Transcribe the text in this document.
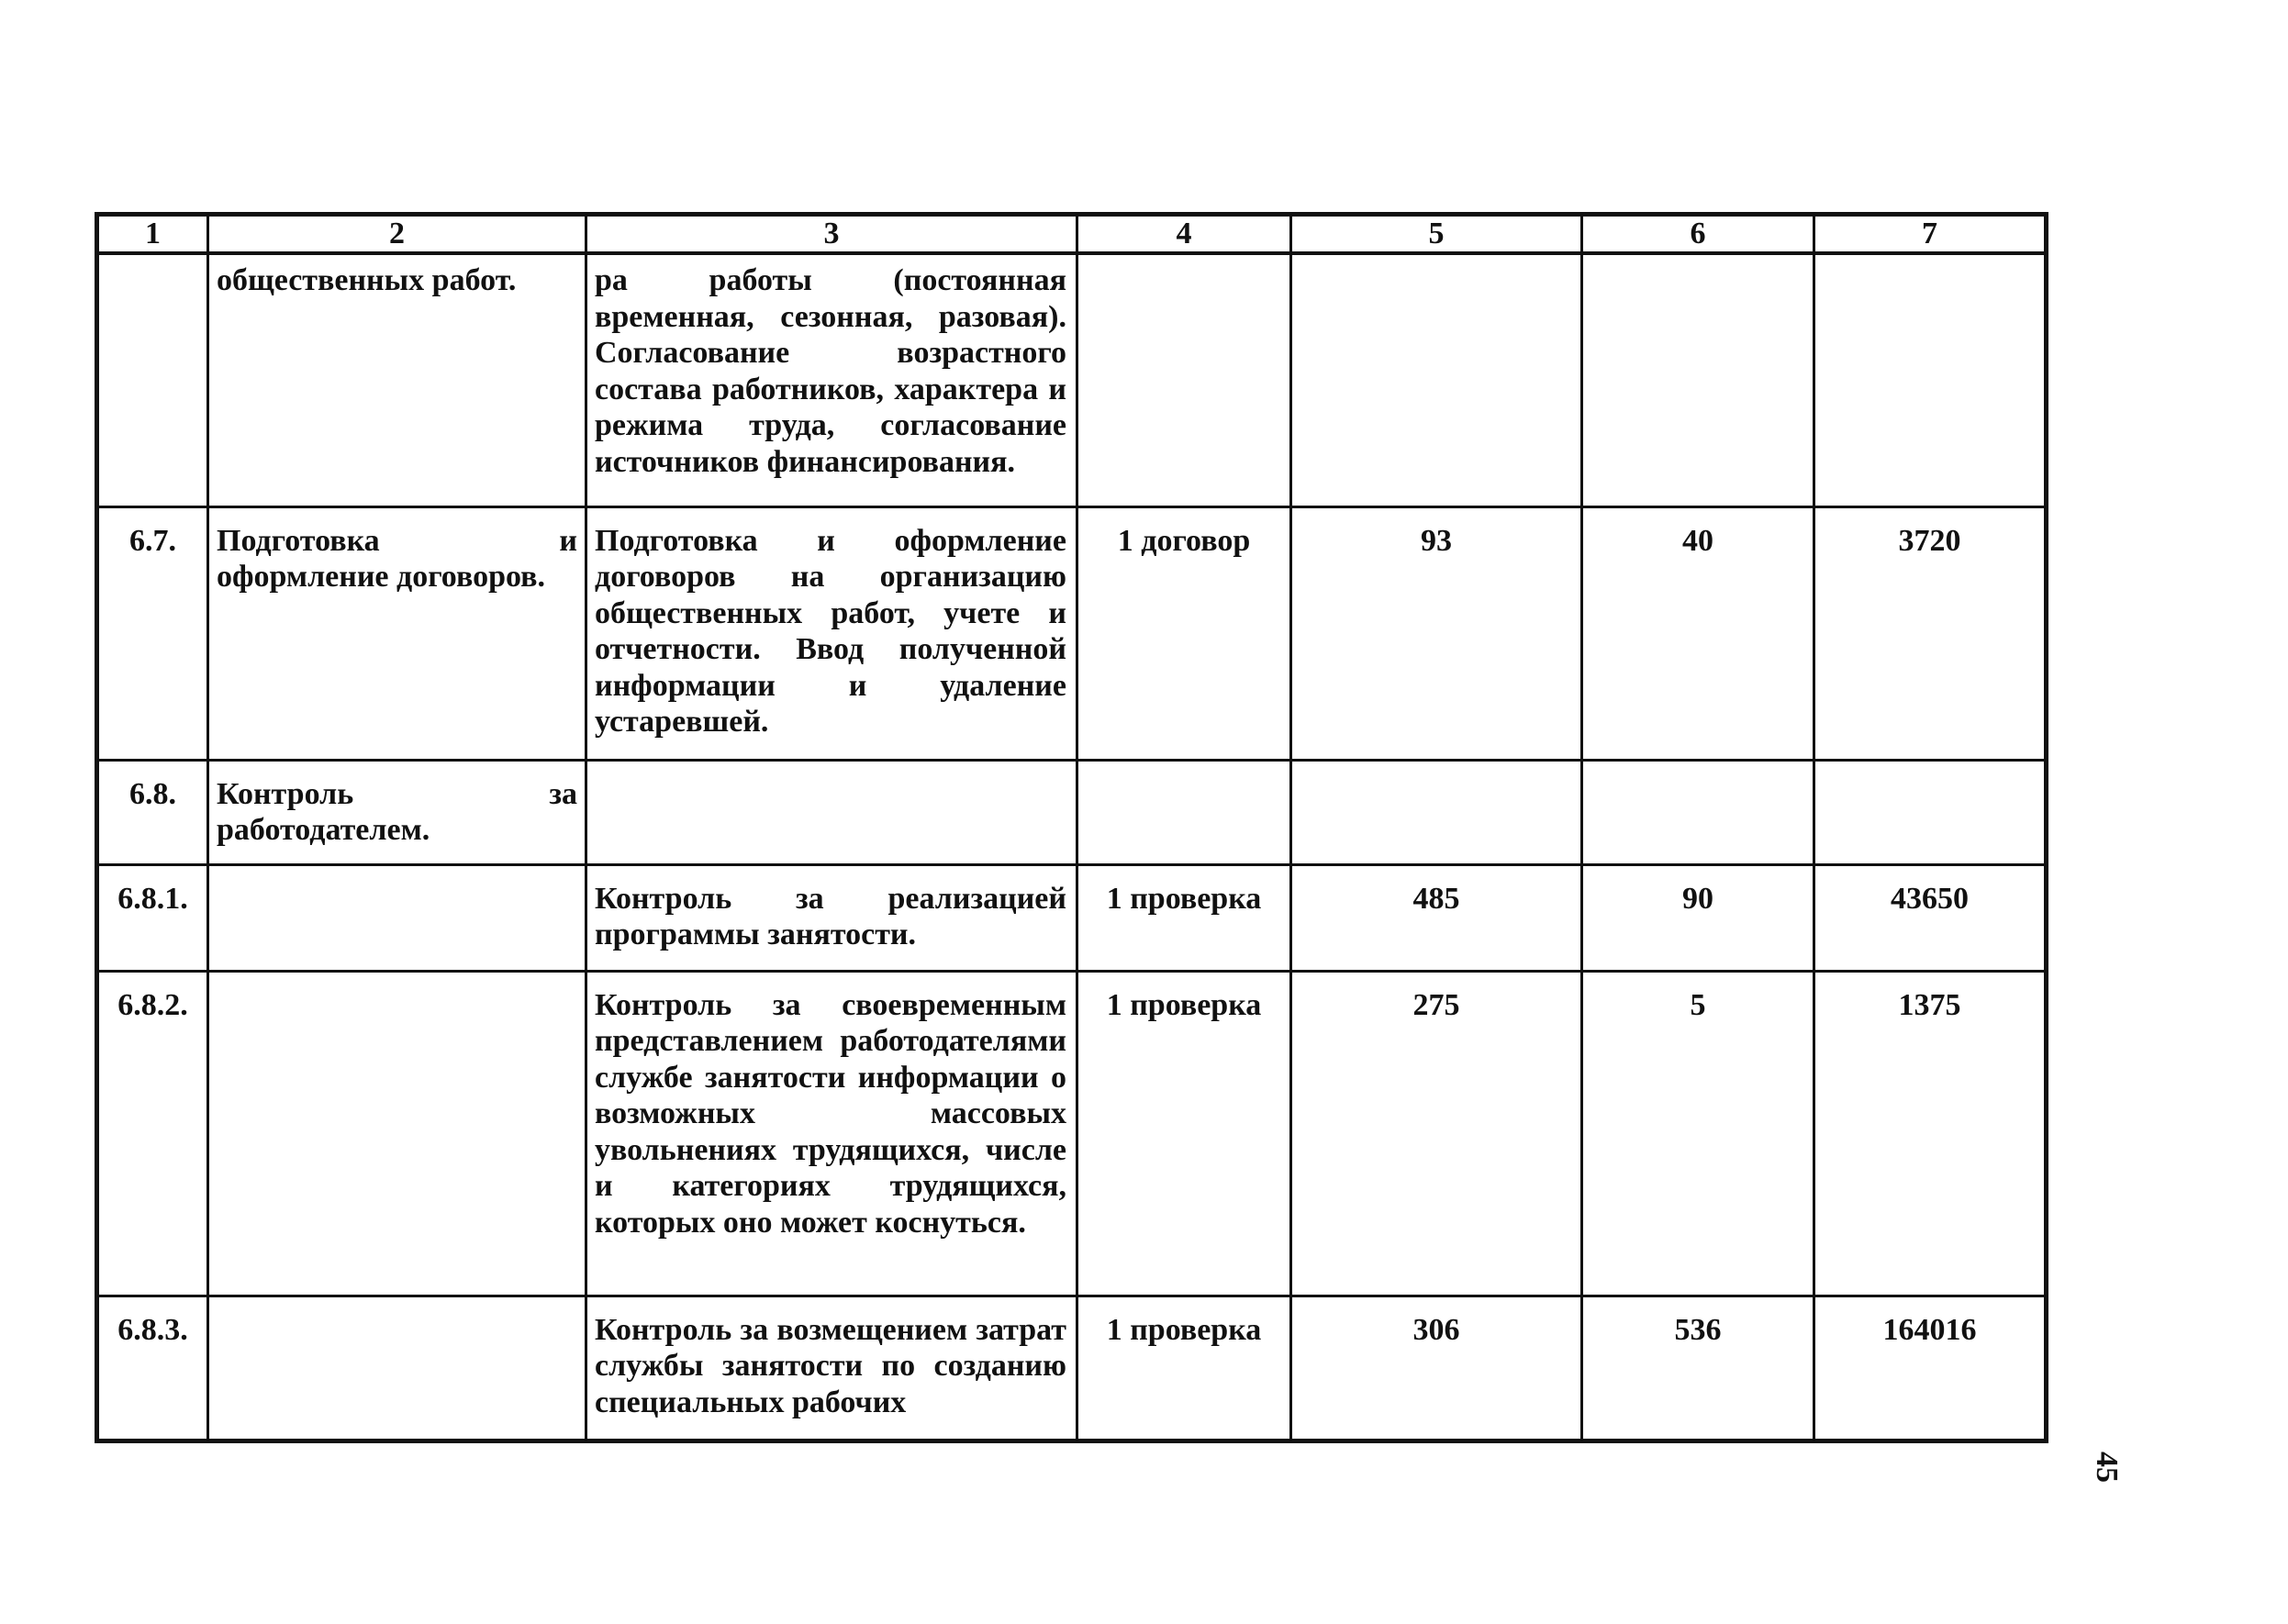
1	2	3	4	5	6	7
	общественных работ.	ра работы (постоянная временная, сезонная, разовая). Согласование возрастного состава работников, характера и режима труда, согласование источников финансирования.				
6.7.	Подготовка и оформление договоров.	Подготовка и оформление договоров на организацию общественных работ, учете и отчетности. Ввод полученной информации и удаление устаревшей.	1 договор	93	40	3720
6.8.	Контроль за работодателем.					
6.8.1.		Контроль за реализацией программы занятости.	1 проверка	485	90	43650
6.8.2.		Контроль за своевременным представлением работодателями службе занятости информации о возможных массовых увольнениях трудящихся, числе и категориях трудящихся, которых оно может коснуться.	1 проверка	275	5	1375
6.8.3.		Контроль за возмещением затрат службы занятости по созданию специальных рабочих	1 проверка	306	536	164016
45
